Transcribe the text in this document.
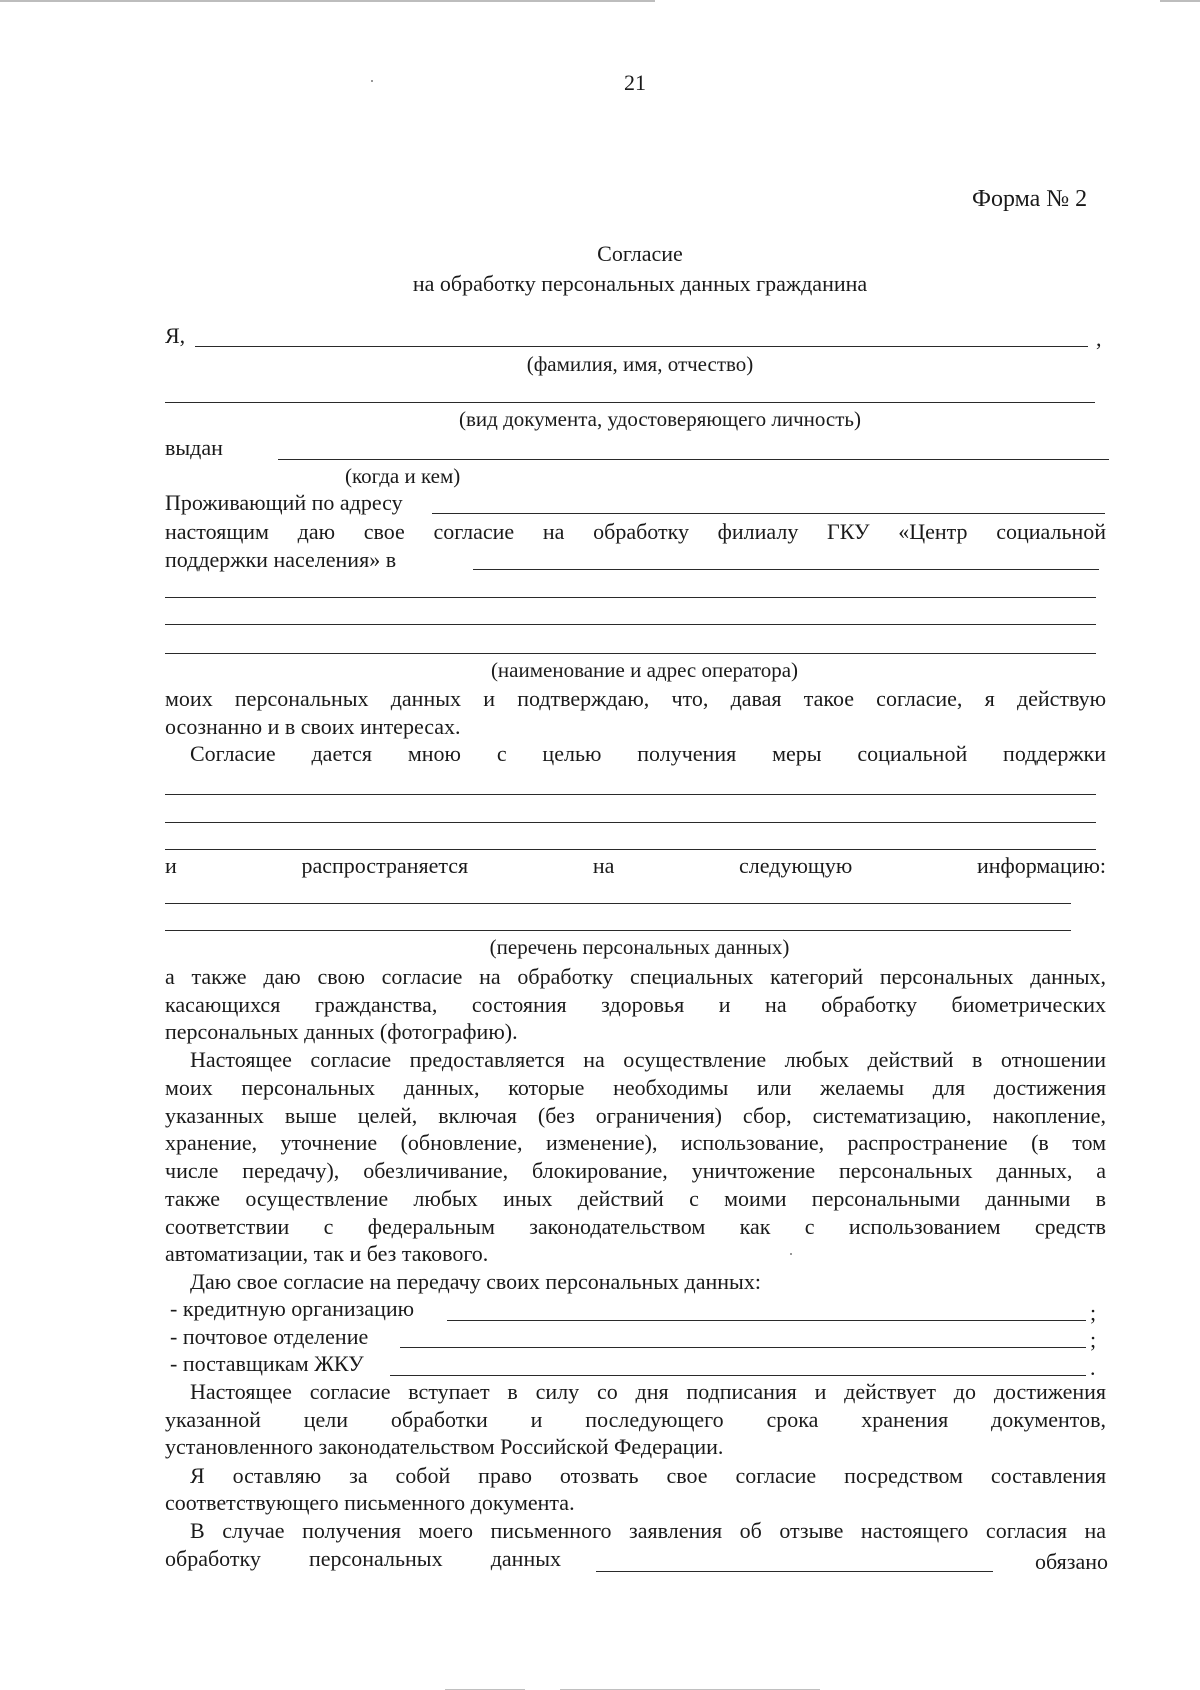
21
Форма № 2
Согласие
на обработку персональных данных гражданина
Я,	,
(фамилия, имя, отчество)
(вид документа, удостоверяющего личность)
выдан
(когда и кем)
Проживающий по адресу
настоящим даю свое согласие на обработку филиалу ГКУ «Центр социальной
поддержки населения» в
(наименование и адрес оператора)
моих персональных данных и подтверждаю, что, давая такое согласие, я действую
осознанно и в своих интересах.
Согласие дается мною с целью получения меры социальной поддержки
и	распространяется	на	следующую	информацию:
(перечень персональных данных)
а также даю свою согласие на обработку специальных категорий персональных данных,
касающихся гражданства, состояния здоровья и на обработку биометрических
персональных данных (фотографию).
Настоящее согласие предоставляется на осуществление любых действий в отношении
моих персональных данных, которые необходимы или желаемы для достижения
указанных выше целей, включая (без ограничения) сбор, систематизацию, накопление,
хранение, уточнение (обновление, изменение), использование, распространение (в том
числе передачу), обезличивание, блокирование, уничтожение персональных данных, а
также осуществление любых иных действий с моими персональными данными в
соответствии с федеральным законодательством как с использованием средств
автоматизации, так и без такового.
Даю свое согласие на передачу своих персональных данных:
- кредитную организацию	;
- почтовое отделение	;
- поставщикам ЖКУ	.
Настоящее согласие вступает в силу со дня подписания и действует до достижения
указанной цели обработки и последующего срока хранения документов,
установленного законодательством Российской Федерации.
Я оставляю за собой право отозвать свое согласие посредством составления
соответствующего письменного документа.
В случае получения моего письменного заявления об отзыве настоящего согласия на
обработку персональных данных	обязано
